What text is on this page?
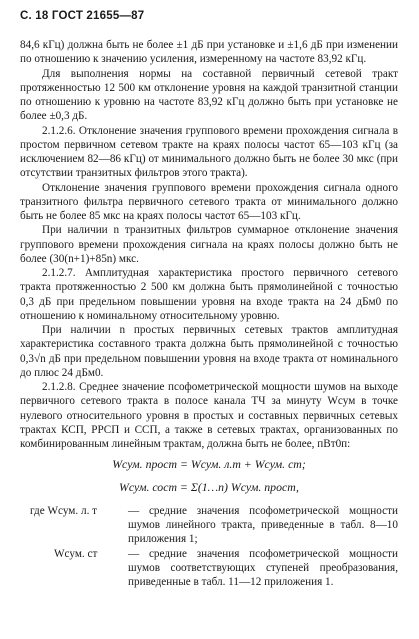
С. 18 ГОСТ 21655—87

84,6 кГц) должна быть не более ±1 дБ при установке и ±1,6 дБ при изменении по отношению к значению усиления, измеренному на частоте 83,92 кГц.

Для выполнения нормы на составной первичный сетевой тракт протяженностью 12 500 км отклонение уровня на каждой транзитной станции по отношению к уровню на частоте 83,92 кГц должно быть при установке не более ±0,3 дБ.

2.1.2.6. Отклонение значения группового времени прохождения сигнала в простом первичном сетевом тракте на краях полосы частот 65—103 кГц (за исключением 82—86 кГц) от минимального должно быть не более 30 мкс (при отсутствии транзитных фильтров этого тракта).

Отклонение значения группового времени прохождения сигнала одного транзитного фильтра первичного сетевого тракта от минимального должно быть не более 85 мкс на краях полосы частот 65—103 кГц.

При наличии n транзитных фильтров суммарное отклонение значения группового времени прохождения сигнала на краях полосы должно быть не более (30(n+1)+85n) мкс.

2.1.2.7. Амплитудная характеристика простого первичного сетевого тракта протяженностью 2 500 км должна быть прямолинейной с точностью 0,3 дБ при предельном повышении уровня на входе тракта на 24 дБм0 по отношению к номинальному относительному уровню.

При наличии n простых первичных сетевых трактов амплитудная характеристика составного тракта должна быть прямолинейной с точностью 0,3√n дБ при предельном повышении уровня на входе тракта от номинального до плюс 24 дБм0.

2.1.2.8. Среднее значение псофометрической мощности шумов на выходе первичного сетевого тракта в полосе канала ТЧ за минуту Wсум в точке нулевого относительного уровня в простых и составных первичных сетевых трактах КСП, РРСП и ССП, а также в сетевых трактах, организованных по комбинированным линейным трактам, должна быть не более, пВт0п:

Wсум. прост = Wсум. л.т + Wсум. ст;
Wсум. сост = Σ(1…n) Wсум. прост,
где Wсум. л. т	— средние значения псофометрической мощности шумов линейного тракта, приведенные в табл. 8—10 приложения 1;
Wсум. ст	— средние значения псофометрической мощности шумов соответствующих ступеней преобразования, приведенные в табл. 11—12 приложения 1.
